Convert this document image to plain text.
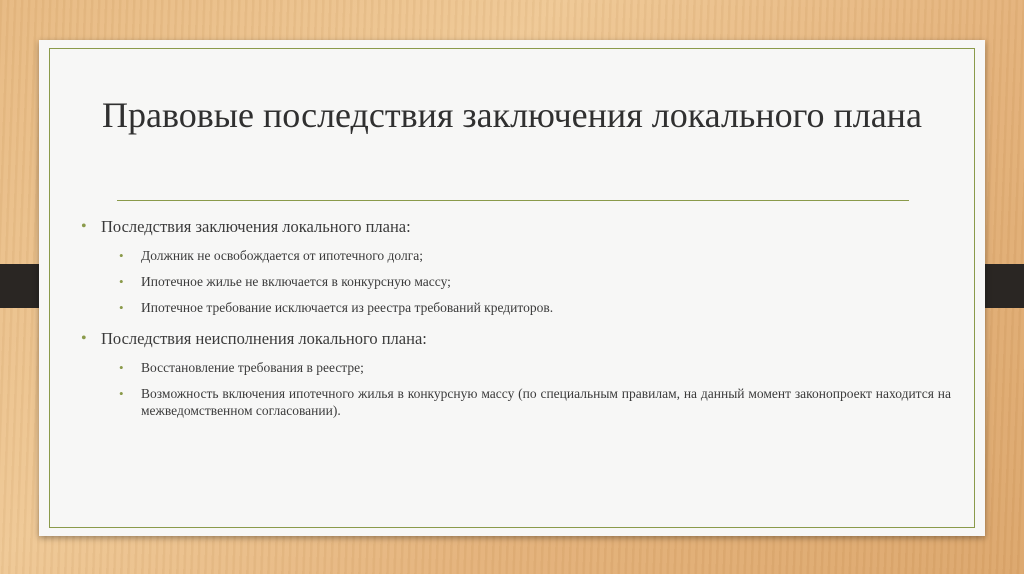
Правовые последствия заключения локального плана
• Последствия заключения локального плана:
• Должник не освобождается от ипотечного долга;
• Ипотечное жилье не включается в конкурсную массу;
• Ипотечное требование исключается из реестра требований кредиторов.
• Последствия неисполнения локального плана:
• Восстановление требования в реестре;
• Возможность включения ипотечного жилья в конкурсную массу (по специальным правилам, на данный момент законопроект находится на межведомственном согласовании).
